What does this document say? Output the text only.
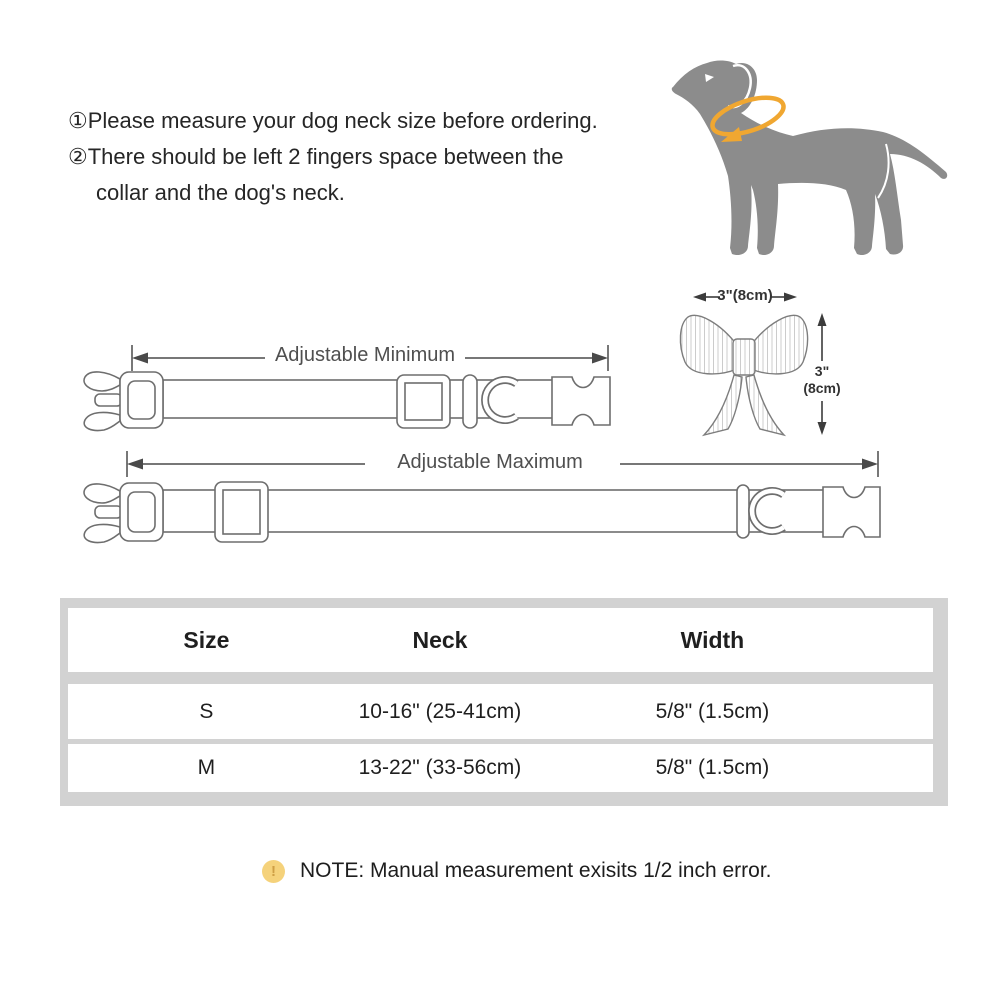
①Please measure your dog neck size before ordering.
②There should be left 2 fingers space between the
collar and the dog's neck.
3"(8cm)
3"
(8cm)
Adjustable Minimum
Adjustable Maximum
Size	Neck	Width
S	10-16" (25-41cm)	5/8" (1.5cm)
M	13-22" (33-56cm)	5/8" (1.5cm)
! NOTE: Manual measurement exisits 1/2 inch error.
